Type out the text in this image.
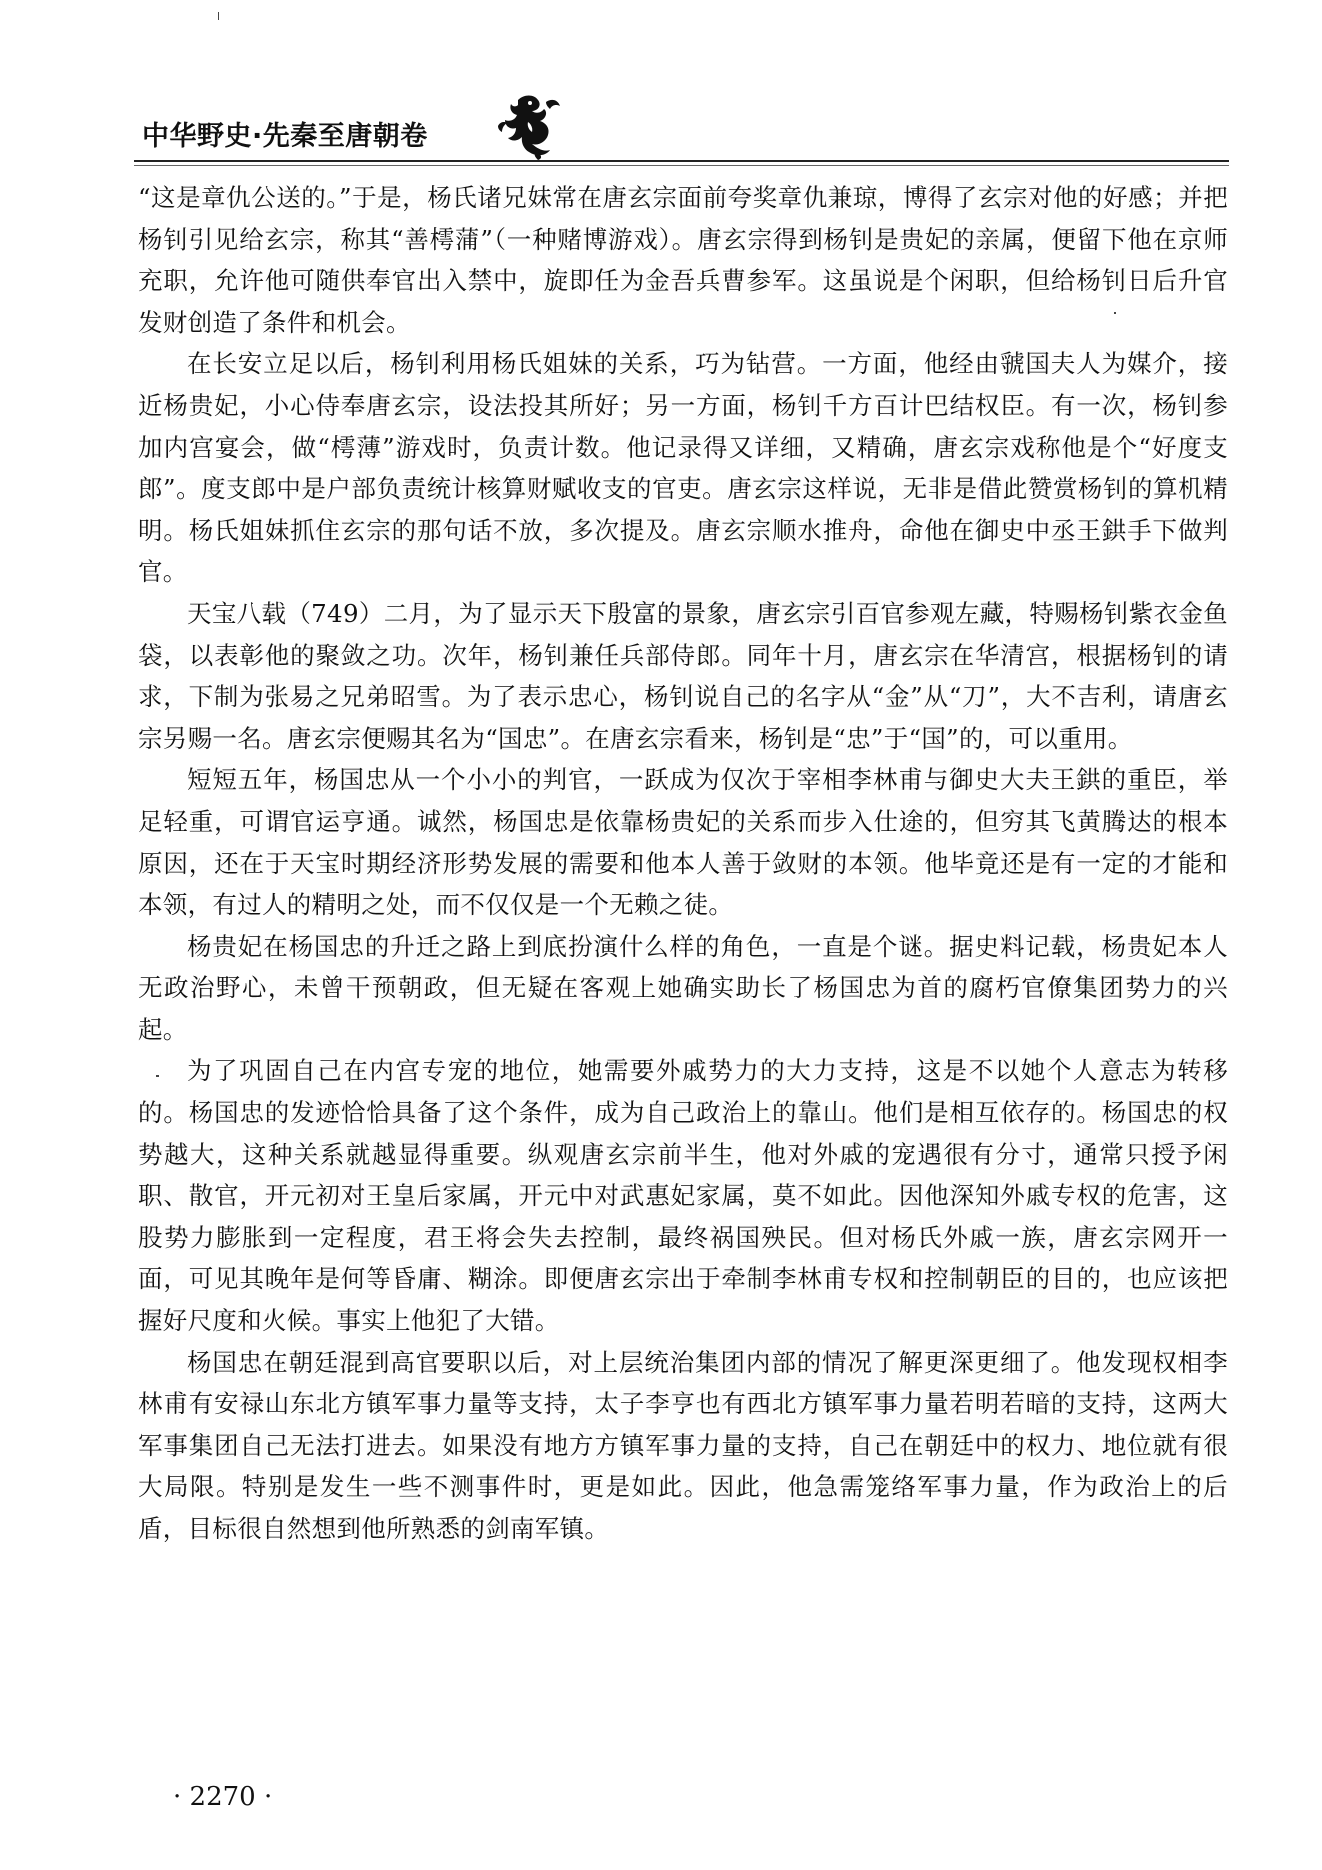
中华野史·先秦至唐朝卷

“这是章仇公送的。”于是，杨氏诸兄妹常在唐玄宗面前夸奖章仇兼琼，博得了玄宗对他的好感；并把杨钊引见给玄宗，称其“善樗蒲”（一种赌博游戏）。唐玄宗得到杨钊是贵妃的亲属，便留下他在京师充职，允许他可随供奉官出入禁中，旋即任为金吾兵曹参军。这虽说是个闲职，但给杨钊日后升官发财创造了条件和机会。

在长安立足以后，杨钊利用杨氏姐妹的关系，巧为钻营。一方面，他经由虢国夫人为媒介，接近杨贵妃，小心侍奉唐玄宗，设法投其所好；另一方面，杨钊千方百计巴结权臣。有一次，杨钊参加内宫宴会，做“樗薄”游戏时，负责计数。他记录得又详细，又精确，唐玄宗戏称他是个“好度支郎”。度支郎中是户部负责统计核算财赋收支的官吏。唐玄宗这样说，无非是借此赞赏杨钊的算机精明。杨氏姐妹抓住玄宗的那句话不放，多次提及。唐玄宗顺水推舟，命他在御史中丞王鉷手下做判官。

天宝八载（749）二月，为了显示天下殷富的景象，唐玄宗引百官参观左藏，特赐杨钊紫衣金鱼袋，以表彰他的聚敛之功。次年，杨钊兼任兵部侍郎。同年十月，唐玄宗在华清宫，根据杨钊的请求，下制为张易之兄弟昭雪。为了表示忠心，杨钊说自己的名字从“金”从“刀”，大不吉利，请唐玄宗另赐一名。唐玄宗便赐其名为“国忠”。在唐玄宗看来，杨钊是“忠”于“国”的，可以重用。

短短五年，杨国忠从一个小小的判官，一跃成为仅次于宰相李林甫与御史大夫王鉷的重臣，举足轻重，可谓官运亨通。诚然，杨国忠是依靠杨贵妃的关系而步入仕途的，但穷其飞黄腾达的根本原因，还在于天宝时期经济形势发展的需要和他本人善于敛财的本领。他毕竟还是有一定的才能和本领，有过人的精明之处，而不仅仅是一个无赖之徒。

杨贵妃在杨国忠的升迁之路上到底扮演什么样的角色，一直是个谜。据史料记载，杨贵妃本人无政治野心，未曾干预朝政，但无疑在客观上她确实助长了杨国忠为首的腐朽官僚集团势力的兴起。

为了巩固自己在内宫专宠的地位，她需要外戚势力的大力支持，这是不以她个人意志为转移的。杨国忠的发迹恰恰具备了这个条件，成为自己政治上的靠山。他们是相互依存的。杨国忠的权势越大，这种关系就越显得重要。纵观唐玄宗前半生，他对外戚的宠遇很有分寸，通常只授予闲职、散官，开元初对王皇后家属，开元中对武惠妃家属，莫不如此。因他深知外戚专权的危害，这股势力膨胀到一定程度，君王将会失去控制，最终祸国殃民。但对杨氏外戚一族，唐玄宗网开一面，可见其晚年是何等昏庸、糊涂。即便唐玄宗出于牵制李林甫专权和控制朝臣的目的，也应该把握好尺度和火候。事实上他犯了大错。

杨国忠在朝廷混到高官要职以后，对上层统治集团内部的情况了解更深更细了。他发现权相李林甫有安禄山东北方镇军事力量等支持，太子李亨也有西北方镇军事力量若明若暗的支持，这两大军事集团自己无法打进去。如果没有地方方镇军事力量的支持，自己在朝廷中的权力、地位就有很大局限。特别是发生一些不测事件时，更是如此。因此，他急需笼络军事力量，作为政治上的后盾，目标很自然想到他所熟悉的剑南军镇。

· 2270 ·
